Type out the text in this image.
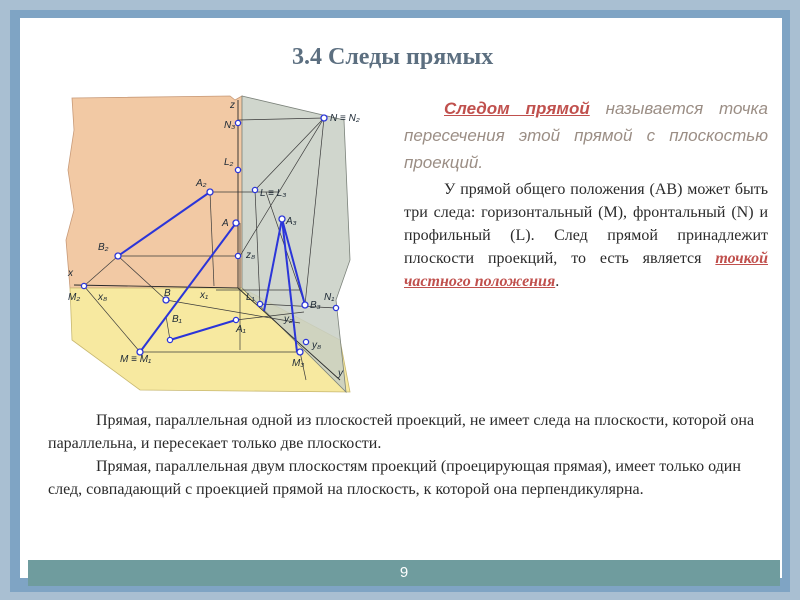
3.4 Следы прямых
z
N ≡ N₂
N₃
L₂
A₂
L ≡ L₃
A	A₃
B₂
z₈
x
M₂ x₈	x₁
B	L₁	N₁
B₃
B₁
A₁
y₂
M ≡ M₁
y₈
M₃
y
Следом прямой называется точка пересечения этой прямой с плоскостью проекций.
У прямой общего положения (AB) может быть три следа: горизонтальный (M), фронтальный (N) и профильный (L). След прямой принадлежит плоскости проекций, то есть является точкой частного положения.

Прямая, параллельная одной из плоскостей проекций, не имеет следа на плоскости, которой она параллельна, и пересекает только две плоскости.

Прямая, параллельная двум плоскостям проекций (проецирующая прямая), имеет только один след, совпадающий с проекцией прямой на плоскость, к которой она перпендикулярна.

9
